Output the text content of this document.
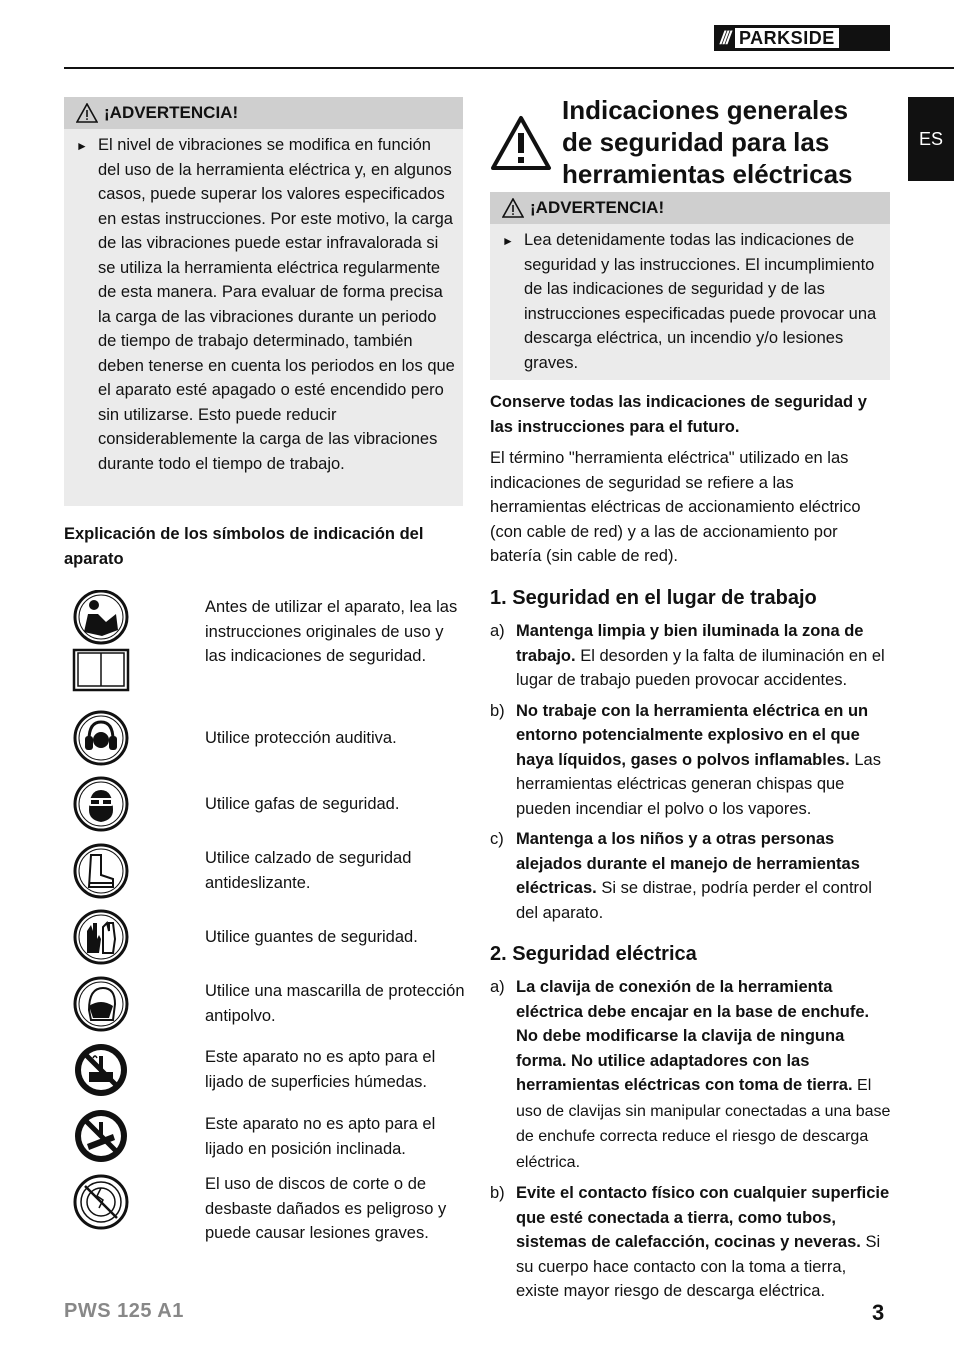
/// PARKSIDE
ES
¡ADVERTENCIA!
► El nivel de vibraciones se modifica en función del uso de la herramienta eléctrica y, en algunos casos, puede superar los valores especificados en estas instrucciones. Por este motivo, la carga de las vibraciones puede estar infravalorada si se utiliza la herramienta eléctrica regularmente de esta manera. Para evaluar de forma precisa la carga de las vibraciones durante un periodo de tiempo de trabajo determinado, también deben tenerse en cuenta los periodos en los que el aparato esté apagado o esté encendido pero sin utilizarse. Esto puede reducir considerablemente la carga de las vibraciones durante todo el tiempo de trabajo.
Explicación de los símbolos de indicación del aparato
Antes de utilizar el aparato, lea las instrucciones originales de uso y las indicaciones de seguridad.
Utilice protección auditiva.
Utilice gafas de seguridad.
Utilice calzado de seguridad antideslizante.
Utilice guantes de seguridad.
Utilice una mascarilla de protección antipolvo.
Este aparato no es apto para el lijado de superficies húmedas.
Este aparato no es apto para el lijado en posición inclinada.
El uso de discos de corte o de desbaste dañados es peligroso y puede causar lesiones graves.
Indicaciones generales de seguridad para las herramientas eléctricas
¡ADVERTENCIA!
► Lea detenidamente todas las indicaciones de seguridad y las instrucciones. El incumplimiento de las indicaciones de seguridad y de las instrucciones especificadas puede provocar una descarga eléctrica, un incendio y/o lesiones graves.
Conserve todas las indicaciones de seguridad y las instrucciones para el futuro.
El término "herramienta eléctrica" utilizado en las indicaciones de seguridad se refiere a las herramientas eléctricas de accionamiento eléctrico (con cable de red) y a las de accionamiento por batería (sin cable de red).
1. Seguridad en el lugar de trabajo
a) Mantenga limpia y bien iluminada la zona de trabajo. El desorden y la falta de iluminación en el lugar de trabajo pueden provocar accidentes.
b) No trabaje con la herramienta eléctrica en un entorno potencialmente explosivo en el que haya líquidos, gases o polvos inflamables. Las herramientas eléctricas generan chispas que pueden incendiar el polvo o los vapores.
c) Mantenga a los niños y a otras personas alejados durante el manejo de herramientas eléctricas. Si se distrae, podría perder el control del aparato.
2. Seguridad eléctrica
a) La clavija de conexión de la herramienta eléctrica debe encajar en la base de enchufe. No debe modificarse la clavija de ninguna forma. No utilice adaptadores con las herramientas eléctricas con toma de tierra. El uso de clavijas sin manipular conectadas a una base de enchufe correcta reduce el riesgo de descarga eléctrica.
b) Evite el contacto físico con cualquier superficie que esté conectada a tierra, como tubos, sistemas de calefacción, cocinas y neveras. Si su cuerpo hace contacto con la toma a tierra, existe mayor riesgo de descarga eléctrica.
PWS 125 A1	3
